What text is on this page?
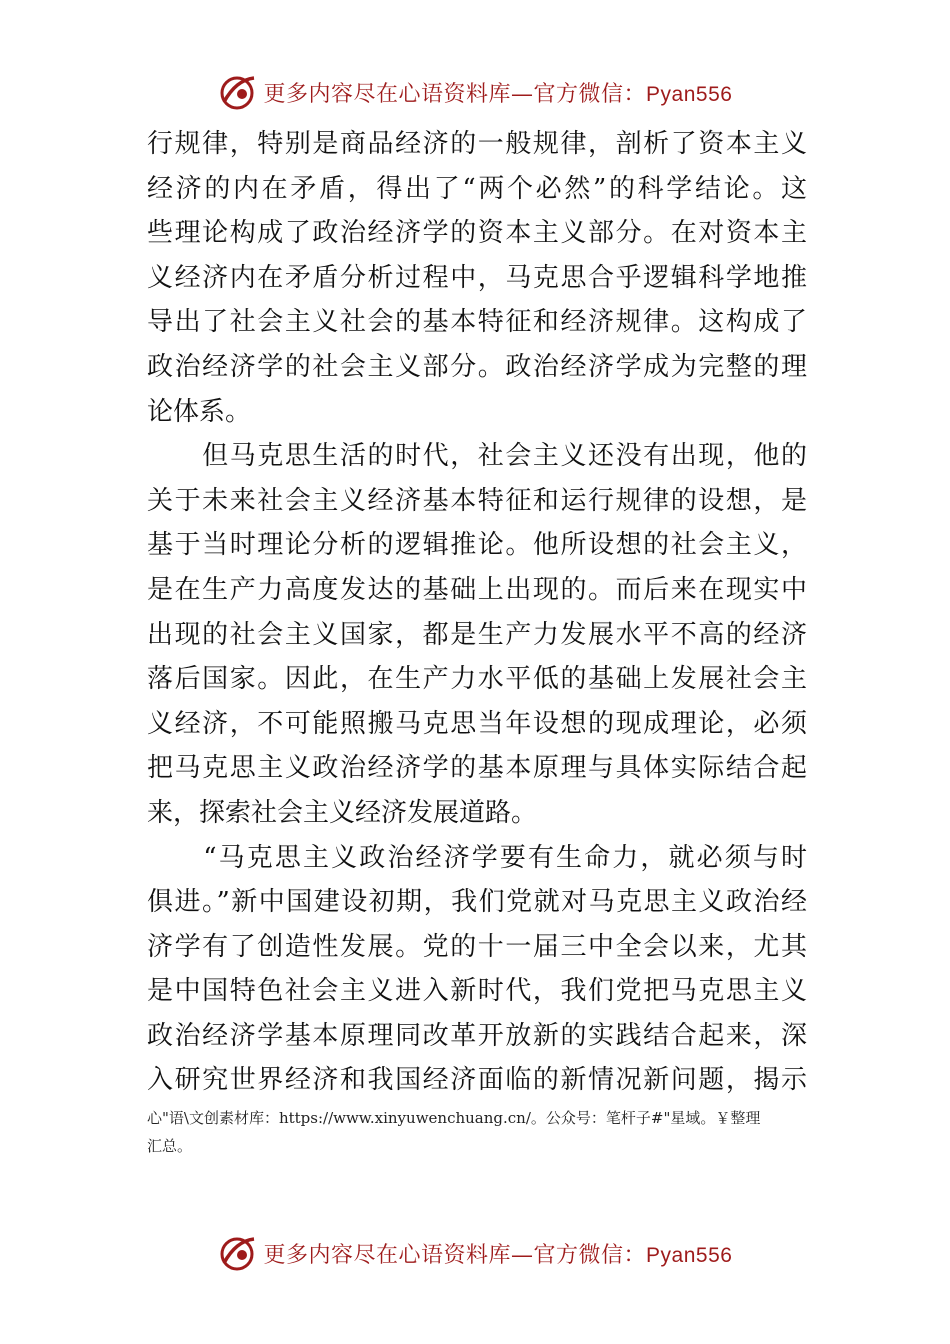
更多内容尽在心语资料库—官方微信：Pyan556
行规律，特别是商品经济的一般规律，剖析了资本主义
经济的内在矛盾，得出了“两个必然”的科学结论。这
些理论构成了政治经济学的资本主义部分。在对资本主
义经济内在矛盾分析过程中，马克思合乎逻辑科学地推
导出了社会主义社会的基本特征和经济规律。这构成了
政治经济学的社会主义部分。政治经济学成为完整的理
论体系。
　　但马克思生活的时代，社会主义还没有出现，他的
关于未来社会主义经济基本特征和运行规律的设想，是
基于当时理论分析的逻辑推论。他所设想的社会主义，
是在生产力高度发达的基础上出现的。而后来在现实中
出现的社会主义国家，都是生产力发展水平不高的经济
落后国家。因此，在生产力水平低的基础上发展社会主
义经济，不可能照搬马克思当年设想的现成理论，必须
把马克思主义政治经济学的基本原理与具体实际结合起
来，探索社会主义经济发展道路。
　　“马克思主义政治经济学要有生命力，就必须与时
俱进。”新中国建设初期，我们党就对马克思主义政治经
济学有了创造性发展。党的十一届三中全会以来，尤其
是中国特色社会主义进入新时代，我们党把马克思主义
政治经济学基本原理同改革开放新的实践结合起来，深
入研究世界经济和我国经济面临的新情况新问题，揭示
心"语\文创素材库：https://www.xinyuwenchuang.cn/。公众号：笔杆子#"星域。￥整理
汇总。
更多内容尽在心语资料库—官方微信：Pyan556
